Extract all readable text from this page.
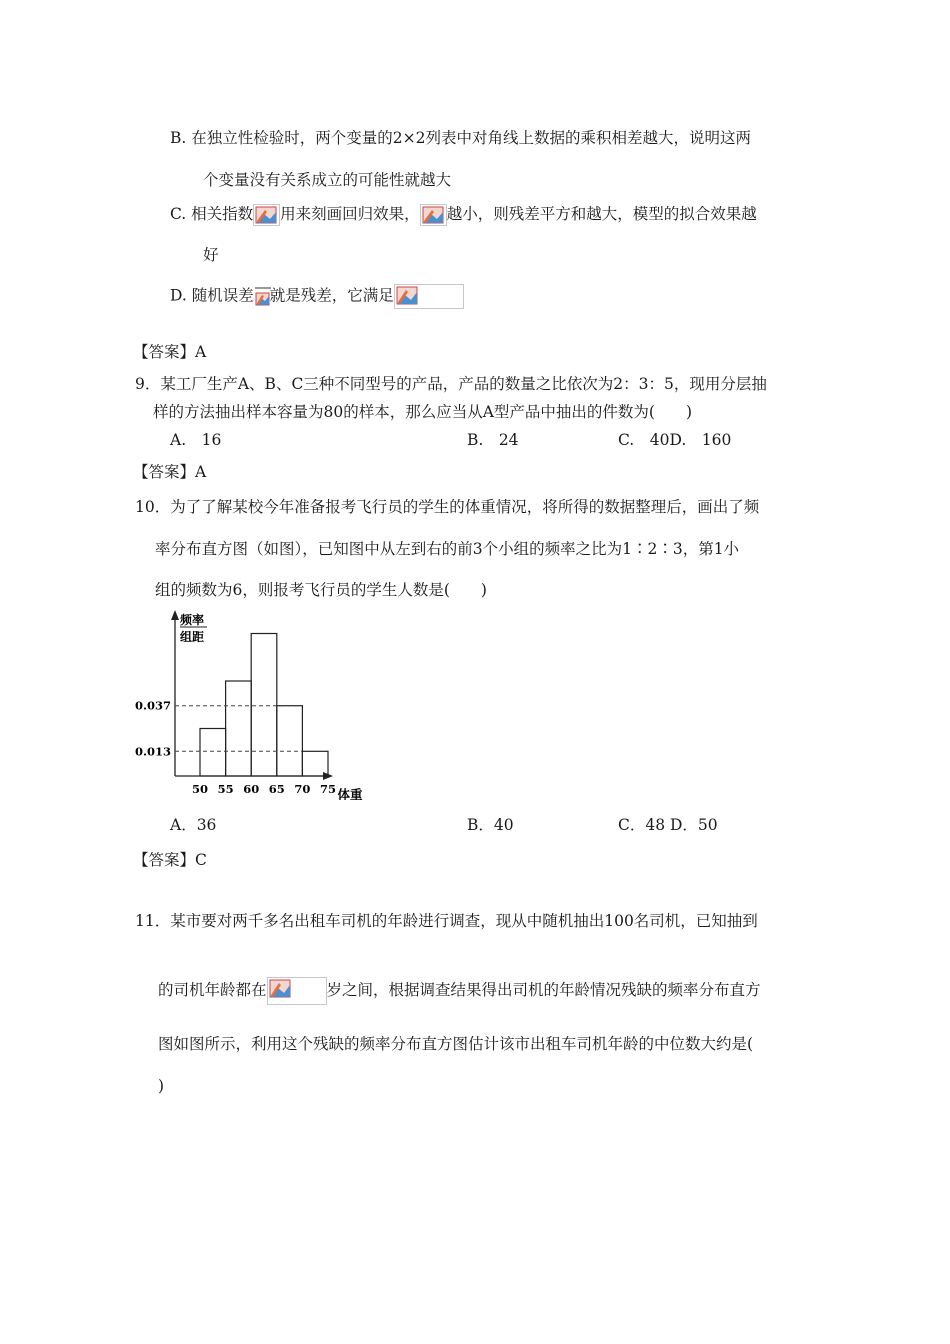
B. 在独立性检验时，两个变量的2×2列表中对角线上数据的乘积相差越大，说明这两
个变量没有关系成立的可能性就越大
C. 相关指数 用来刻画回归效果， 越小，则残差平方和越大，模型的拟合效果越
好
D. 随机误差 就是残差，它满足
【答案】A
9．某工厂生产A、B、C三种不同型号的产品，产品的数量之比依次为2：3：5，现用分层抽
样的方法抽出样本容量为80的样本，那么应当从A型产品中抽出的件数为(　　)
A.　16	B.　24	C.　40D.　160
【答案】A
10．为了了解某校今年准备报考飞行员的学生的体重情况，将所得的数据整理后，画出了频
率分布直方图（如图），已知图中从左到右的前3个小组的频率之比为1∶2∶3，第1小
组的频数为6，则报考飞行员的学生人数是(　　)
频率
组距
0.037
0.013
50 55 60 65 70 75 体重
A．36	B．40	C．48 D．50
【答案】C
11．某市要对两千多名出租车司机的年龄进行调查，现从中随机抽出100名司机，已知抽到
的司机年龄都在	岁之间，根据调查结果得出司机的年龄情况残缺的频率分布直方
图如图所示，利用这个残缺的频率分布直方图估计该市出租车司机年龄的中位数大约是(
)
